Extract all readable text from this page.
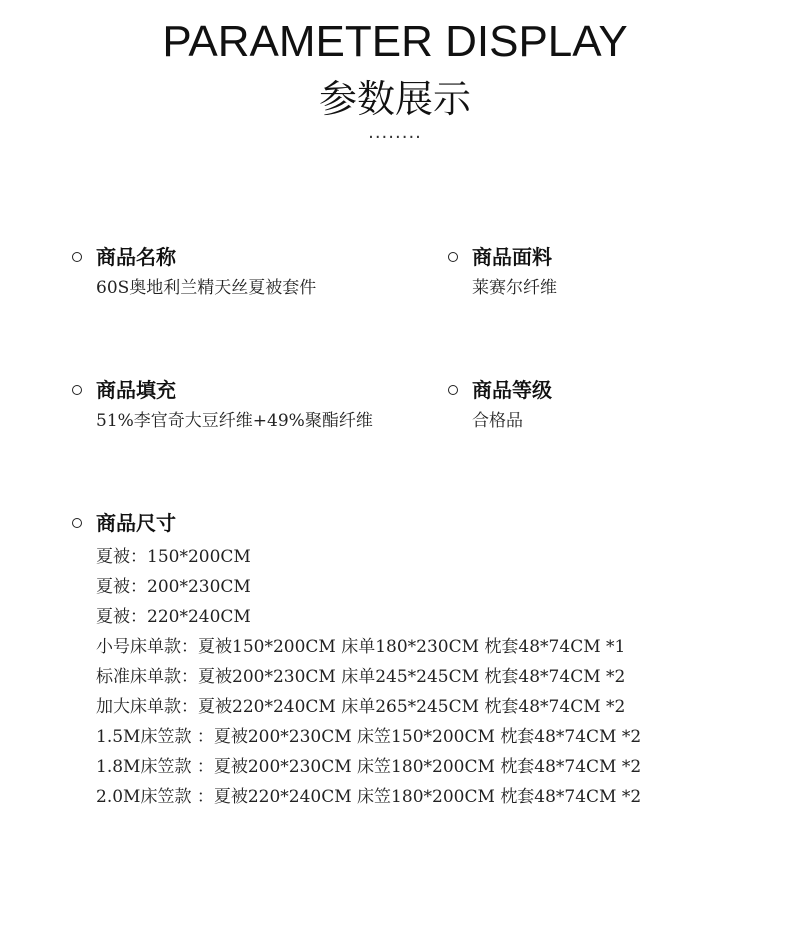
PARAMETER DISPLAY
参数展示
········
商品名称
60S奥地利兰精天丝夏被套件
商品面料
莱赛尔纤维
商品填充
51%李官奇大豆纤维+49%聚酯纤维
商品等级
合格品
商品尺寸
夏被：150*200CM
夏被：200*230CM
夏被：220*240CM
小号床单款：夏被150*200CM 床单180*230CM 枕套48*74CM *1
标准床单款：夏被200*230CM 床单245*245CM 枕套48*74CM *2
加大床单款：夏被220*240CM 床单265*245CM 枕套48*74CM *2
1.5M床笠款 ：夏被200*230CM 床笠150*200CM 枕套48*74CM *2
1.8M床笠款 ：夏被200*230CM 床笠180*200CM 枕套48*74CM *2
2.0M床笠款 ：夏被220*240CM 床笠180*200CM 枕套48*74CM *2
